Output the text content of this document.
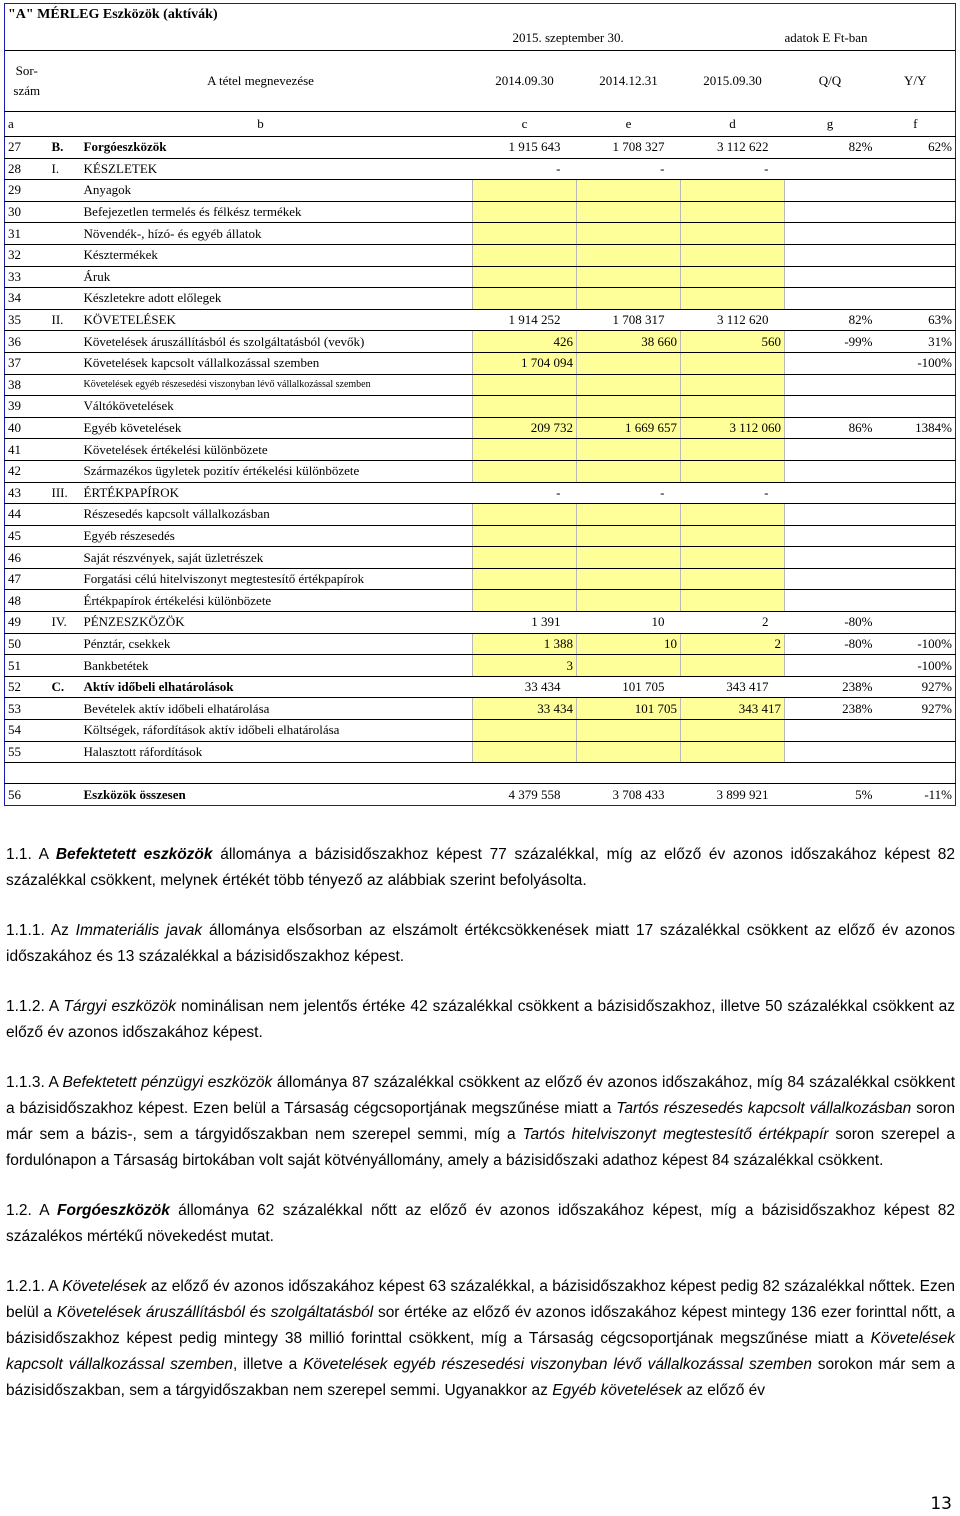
"A" MÉRLEG Eszközök (aktívák)							
			2015. szeptember 30.			adatok E Ft-ban	
Sor-szám	A tétel megnevezése		2014.09.30	2014.12.31	2015.09.30	Q/Q	Y/Y
a	b		c	e	d	g	f
27	B.	Forgóeszközök	1 915 643	1 708 327	3 112 622	82%	62%
28	I.	KÉSZLETEK	-	-	-		
29		Anyagok					
30		Befejezetlen termelés és félkész termékek					
31		Növendék-, hízó- és egyéb állatok					
32		Késztermékek					
33		Áruk					
34		Készletekre adott előlegek					
35	II.	KÖVETELÉSEK	1 914 252	1 708 317	3 112 620	82%	63%
36		Követelések áruszállításból és szolgáltatásból (vevők)	426	38 660	560	-99%	31%
37		Követelések kapcsolt vállalkozással szemben	1 704 094				-100%
38		Követelések egyéb részesedési viszonyban lévő vállalkozással szemben					
39		Váltókövetelések					
40		Egyéb követelések	209 732	1 669 657	3 112 060	86%	1384%
41		Követelések értékelési különbözete					
42		Származékos ügyletek pozitív értékelési különbözete					
43	III.	ÉRTÉKPAPÍROK	-	-	-		
44		Részesedés kapcsolt vállalkozásban					
45		Egyéb részesedés					
46		Saját részvények, saját üzletrészek					
47		Forgatási célú hitelviszonyt megtestesítő értékpapírok					
48		Értékpapírok értékelési különbözete					
49	IV.	PÉNZESZKÖZÖK	1 391	10	2	-80%	
50		Pénztár, csekkek	1 388	10	2	-80%	-100%
51		Bankbetétek	3				-100%
52	C.	Aktív időbeli elhatárolások	33 434	101 705	343 417	238%	927%
53		Bevételek aktív időbeli elhatárolása	33 434	101 705	343 417	238%	927%
54		Költségek, ráfordítások aktív időbeli elhatárolása					
55		Halasztott ráfordítások					

56		Eszközök összesen	4 379 558	3 708 433	3 899 921	5%	-11%

1.1. A Befektetett eszközök állománya a bázisidőszakhoz képest 77 százalékkal, míg az előző év azonos időszakához képest 82 százalékkal csökkent, melynek értékét több tényező az alábbiak szerint befolyásolta.

1.1.1. Az Immateriális javak állománya elsősorban az elszámolt értékcsökkenések miatt 17 százalékkal csökkent az előző év azonos időszakához és 13 százalékkal a bázisidőszakhoz képest.

1.1.2. A Tárgyi eszközök nominálisan nem jelentős értéke 42 százalékkal csökkent a bázisidőszakhoz, illetve 50 százalékkal csökkent az előző év azonos időszakához képest.

1.1.3. A Befektetett pénzügyi eszközök állománya 87 százalékkal csökkent az előző év azonos időszakához, míg 84 százalékkal csökkent a bázisidőszakhoz képest. Ezen belül a Társaság cégcsoportjának megszűnése miatt a Tartós részesedés kapcsolt vállalkozásban soron már sem a bázis-, sem a tárgyidőszakban nem szerepel semmi, míg a Tartós hitelviszonyt megtestesítő értékpapír soron szerepel a fordulónapon a Társaság birtokában volt saját kötvényállomány, amely a bázisidőszaki adathoz képest 84 százalékkal csökkent.

1.2. A Forgóeszközök állománya 62 százalékkal nőtt az előző év azonos időszakához képest, míg a bázisidőszakhoz képest 82 százalékos mértékű növekedést mutat.

1.2.1. A Követelések az előző év azonos időszakához képest 63 százalékkal, a bázisidőszakhoz képest pedig 82 százalékkal nőttek. Ezen belül a Követelések áruszállításból és szolgáltatásból sor értéke az előző év azonos időszakához képest mintegy 136 ezer forinttal nőtt, a bázisidőszakhoz képest pedig mintegy 38 millió forinttal csökkent, míg a Társaság cégcsoportjának megszűnése miatt a Követelések kapcsolt vállalkozással szemben, illetve a Követelések egyéb részesedési viszonyban lévő vállalkozással szemben sorokon már sem a bázisidőszakban, sem a tárgyidőszakban nem szerepel semmi. Ugyanakkor az Egyéb követelések az előző év

13
